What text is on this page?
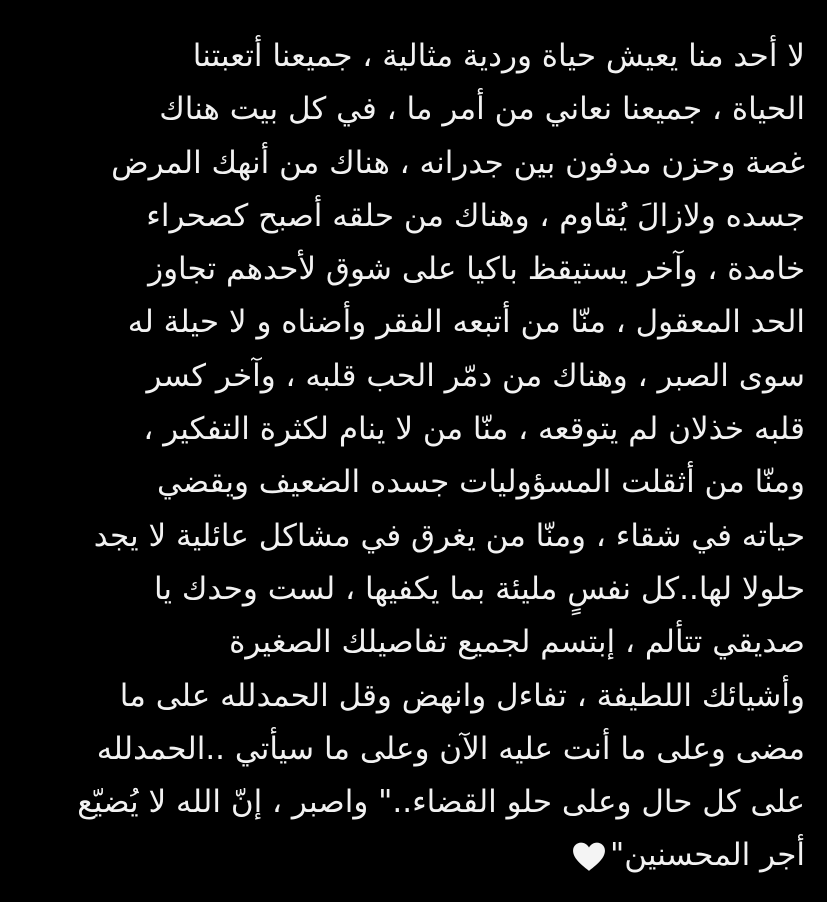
لا أحد منا يعيش حياة وردية مثالية ، جميعنا أتعبتنا
الحياة ، جميعنا نعاني من أمر ما ، في كل بيت هناك
غصة وحزن مدفون بين جدرانه ، هناك من أنهك المرض
جسده ولازالَ يُقاوم ، وهناك من حلقه أصبح كصحراء
خامدة ، وآخر يستيقظ باكيا على شوق لأحدهم تجاوز
الحد المعقول ، منّا من أتبعه الفقر وأضناه و لا حيلة له
سوى الصبر ، وهناك من دمّر الحب قلبه ، وآخر كسر
قلبه خذلان لم يتوقعه ، منّا من لا ينام لكثرة التفكير ،
ومنّا من أثقلت المسؤوليات جسده الضعيف ويقضي
حياته في شقاء ، ومنّا من يغرق في مشاكل عائلية لا يجد
حلولا لها..كل نفسٍ مليئة بما يكفيها ، لست وحدك يا
صديقي تتألم ، إبتسم لجميع تفاصيلك الصغيرة
وأشيائك اللطيفة ، تفاءل وانهض وقل الحمدلله على ما
مضى وعلى ما أنت عليه الآن وعلى ما سيأتي ..الحمدلله
على كل حال وعلى حلو القضاء.." واصبر ، إنّ الله لا يُضيّع
أجر المحسنين"
